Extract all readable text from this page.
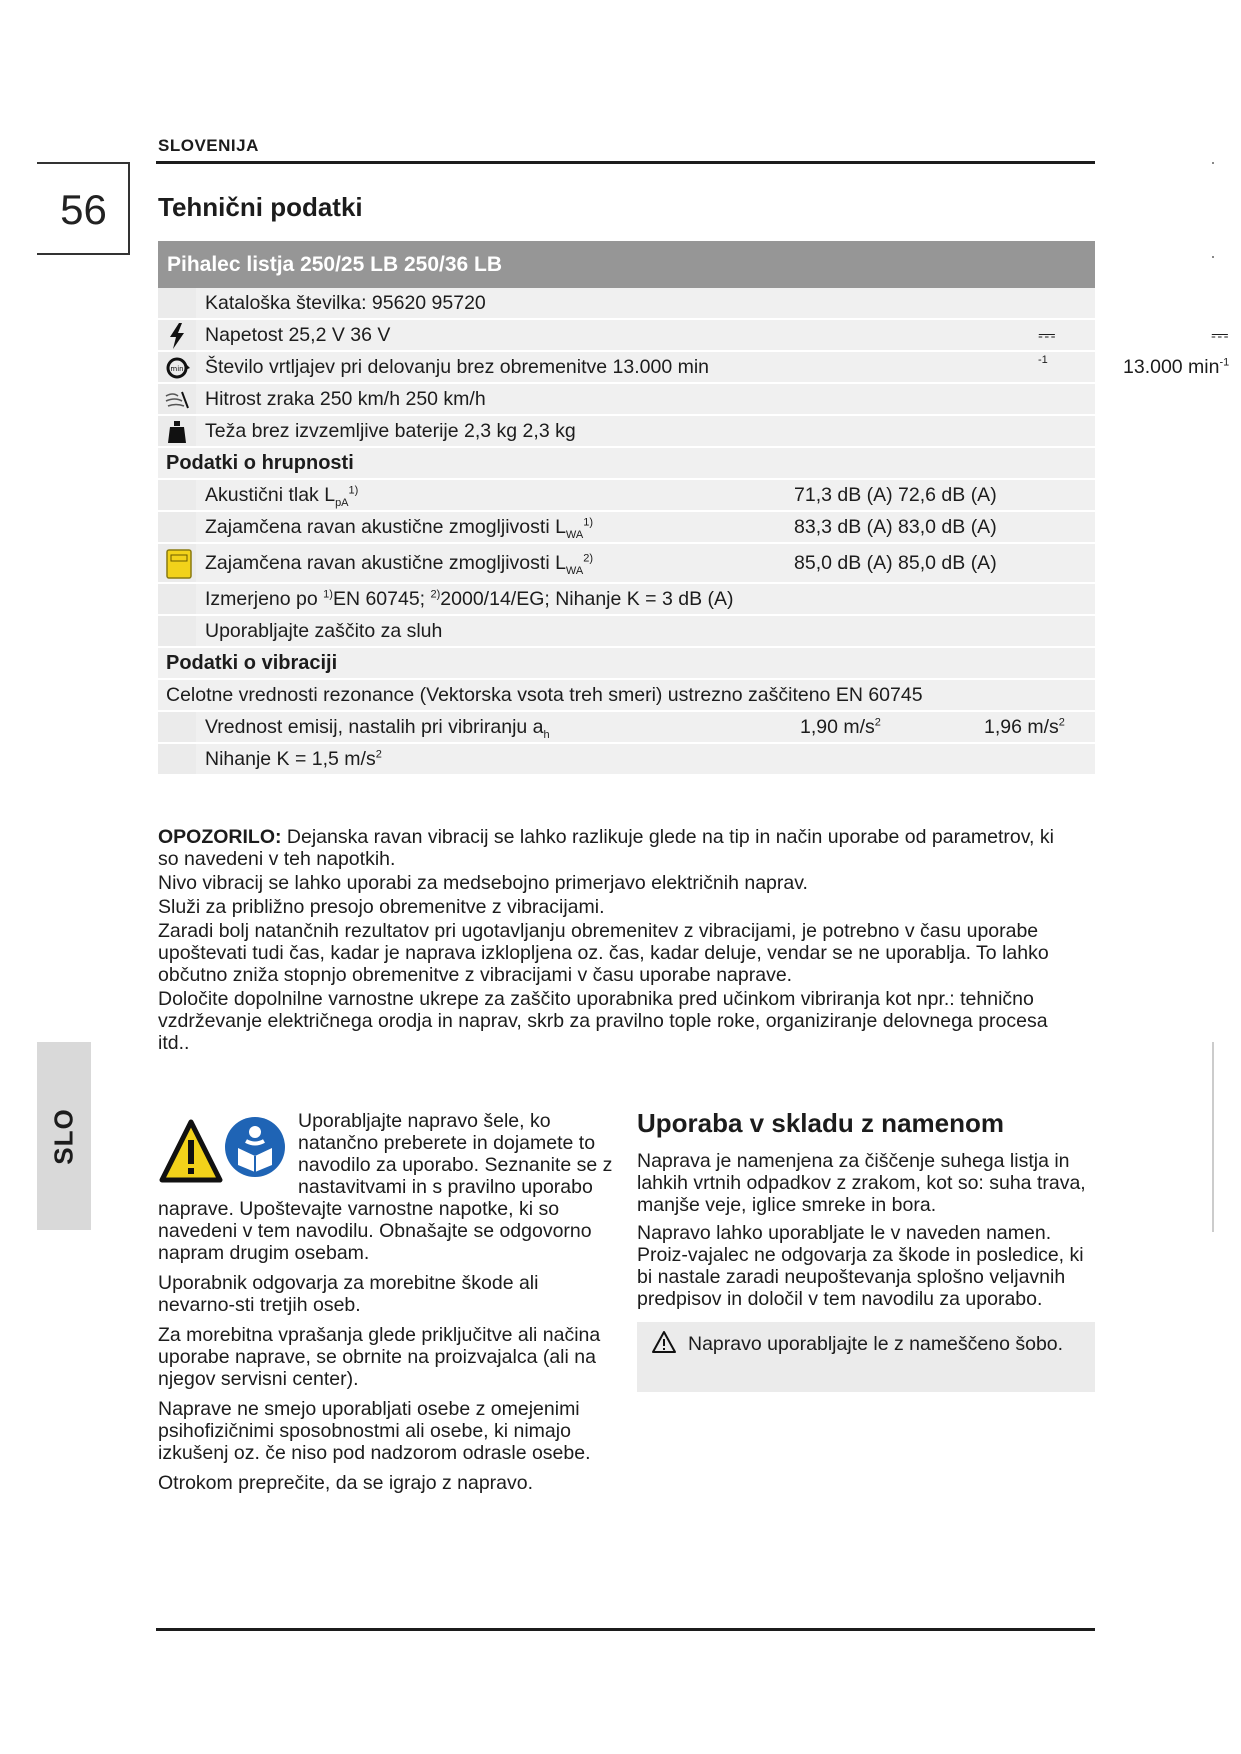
SLOVENIJA
56	Tehnični podatki
Pihalec listja 250/25 LB 250/36 LB
Kataloška številka: 95620 95720
Napetost 25,2 V 36 V	⎓	⎓
min Število vrtljajev pri delovanju brez obremenitve 13.000 min	-1	13.000 $\min^{-1}$
Hitrost zraka 250 km/h 250 km/h
Teža brez izvzemljive baterije 2,3 kg 2,3 kg
Podatki o hrupnosti
Akustični tlak $L_{pA}^{1)}$	71,3 dB (A) 72,6 dB (A)
Zajamčena ravan akustične zmogljivosti $L_{WA}^{1)}$	83,3 dB (A) 83,0 dB (A)
Zajamčena ravan akustične zmogljivosti $L_{WA}^{2)}$	85,0 dB (A) 85,0 dB (A)
Izmerjeno po $^{1)}$EN 60745; $^{2)}$2000/14/EG; Nihanje K = 3 dB (A)
Uporabljajte zaščito za sluh
Podatki o vibraciji
Celotne vrednosti rezonance (Vektorska vsota treh smeri) ustrezno zaščiteno EN 60745
Vrednost emisij, nastalih pri vibriranju $a_h$	1,90 $m/s^2$	1,96 $m/s^2$
Nihanje K = 1,5 $m/s^2$

OPOZORILO: Dejanska ravan vibracij se lahko razlikuje glede na tip in način uporabe od parametrov, ki so navedeni v teh napotkih.

Nivo vibracij se lahko uporabi za medsebojno primerjavo električnih naprav.

Služi za približno presojo obremenitve z vibracijami.

Zaradi bolj natančnih rezultatov pri ugotavljanju obremenitev z vibracijami, je potrebno v času uporabe upoštevati tudi čas, kadar je naprava izklopljena oz. čas, kadar deluje, vendar se ne uporablja. To lahko občutno zniža stopnjo obremenitve z vibracijami v času uporabe naprave.

Določite dopolnilne varnostne ukrepe za zaščito uporabnika pred učinkom vibriranja kot npr.: tehnično vzdrževanje električnega orodja in naprav, skrb za pravilno tople roke, organiziranje delovnega procesa itd..

SLO	Uporabljajte napravo šele, ko natančno preberete in dojamete to navodilo za uporabo. Seznanite se z nastavitvami in s pravilno uporabo naprave. Upoštevajte varnostne napotke, ki so navedeni v tem navodilu. Obnašajte se odgovorno napram drugim osebam.

Uporabnik odgovarja za morebitne škode ali nevarno-sti tretjih oseb.

Za morebitna vprašanja glede priključitve ali načina uporabe naprave, se obrnite na proizvajalca (ali na njegov servisni center).

Naprave ne smejo uporabljati osebe z omejenimi psihofizičnimi sposobnostmi ali osebe, ki nimajo izkušenj oz. če niso pod nadzorom odrasle osebe.

Otrokom preprečite, da se igrajo z napravo.

Uporaba v skladu z namenom

Naprava je namenjena za čiščenje suhega listja in lahkih vrtnih odpadkov z zrakom, kot so: suha trava, manjše veje, iglice smreke in bora.

Napravo lahko uporabljate le v naveden namen. Proiz-vajalec ne odgovarja za škode in posledice, ki bi nastale zaradi neupoštevanja splošno veljavnih predpisov in določil v tem navodilu za uporabo.

Napravo uporabljajte le z nameščeno šobo.
